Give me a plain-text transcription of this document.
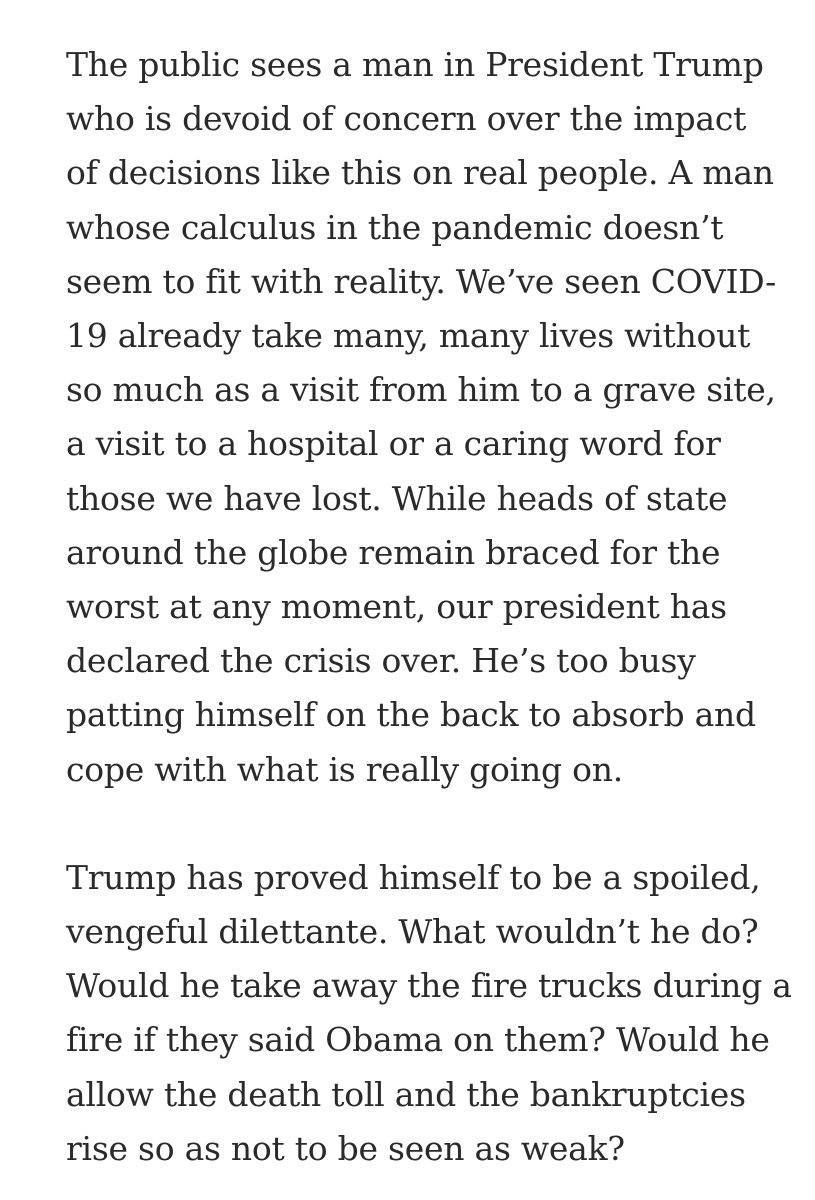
The public sees a man in President Trump
who is devoid of concern over the impact
of decisions like this on real people. A man
whose calculus in the pandemic doesn’t
seem to fit with reality. We’ve seen COVID-
19 already take many, many lives without
so much as a visit from him to a grave site,
a visit to a hospital or a caring word for
those we have lost. While heads of state
around the globe remain braced for the
worst at any moment, our president has
declared the crisis over. He’s too busy
patting himself on the back to absorb and
cope with what is really going on.

Trump has proved himself to be a spoiled,
vengeful dilettante. What wouldn’t he do?
Would he take away the fire trucks during a
fire if they said Obama on them? Would he
allow the death toll and the bankruptcies
rise so as not to be seen as weak?
